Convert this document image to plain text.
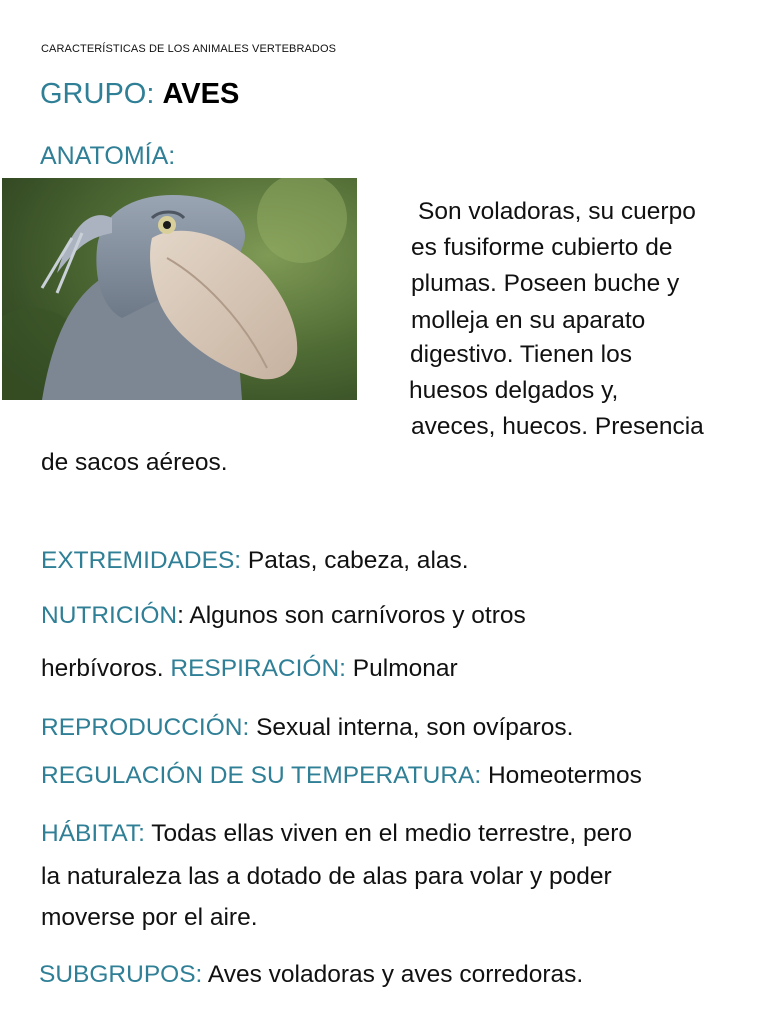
CARACTERÍSTICAS DE LOS ANIMALES VERTEBRADOS

GRUPO: AVES

ANATOMÍA:

Son voladoras, su cuerpo

es fusiforme cubierto de

plumas. Poseen buche y

molleja en su aparato

digestivo. Tienen los

huesos delgados y,

aveces, huecos. Presencia

de sacos aéreos.

EXTREMIDADES: Patas, cabeza, alas.

NUTRICIÓN: Algunos son carnívoros y otros

herbívoros. RESPIRACIÓN: Pulmonar

REPRODUCCIÓN: Sexual interna, son ovíparos.

REGULACIÓN DE SU TEMPERATURA: Homeotermos

HÁBITAT: Todas ellas viven en el medio terrestre, pero

la naturaleza las a dotado de alas para volar y poder

moverse por el aire.

SUBGRUPOS: Aves voladoras y aves corredoras.
